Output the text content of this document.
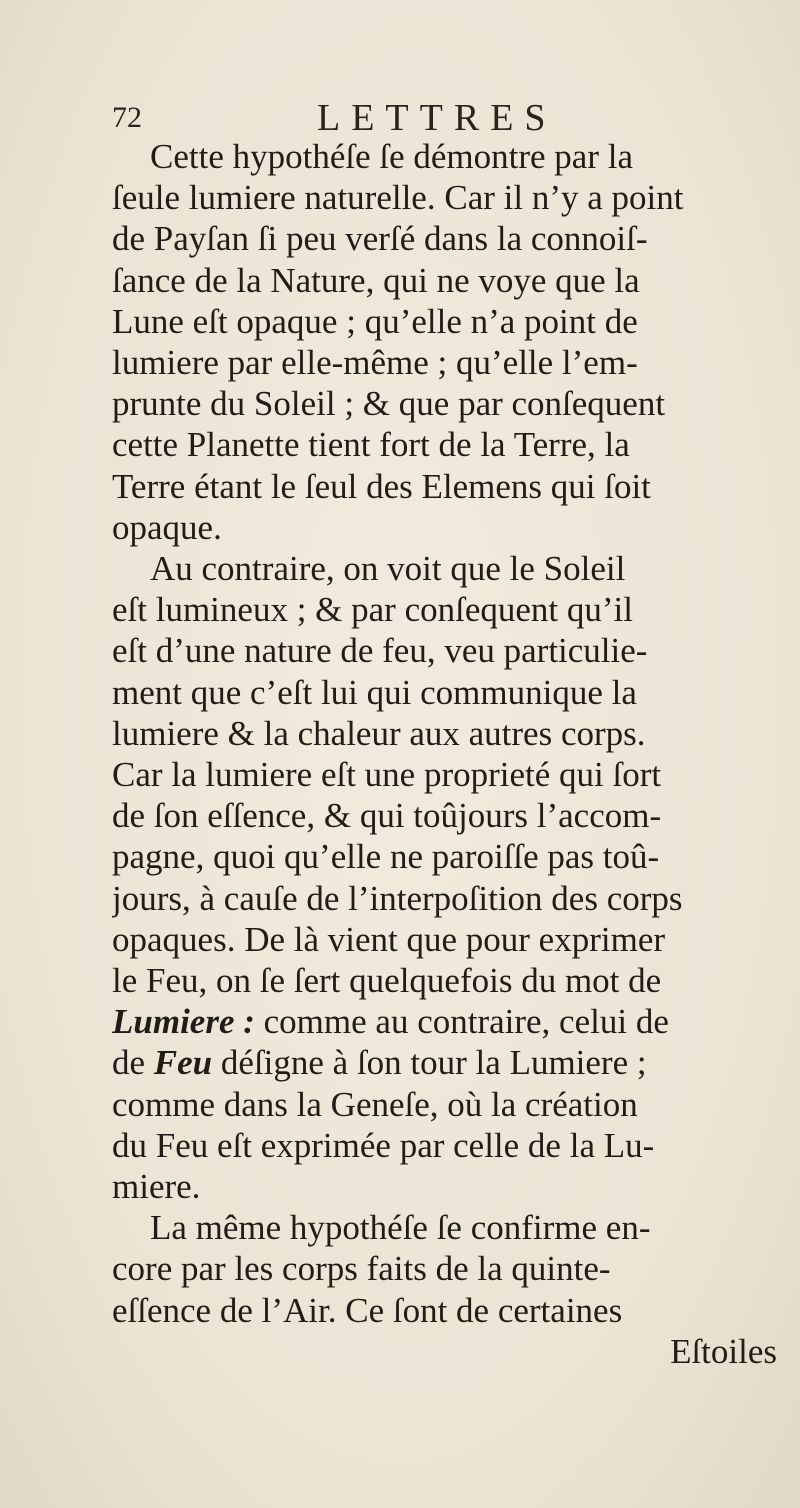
72	LETTRES

Cette hypothéſe ſe démontre par la
ſeule lumiere naturelle. Car il n’y a point
de Payſan ſi peu verſé dans la connoiſ-
ſance de la Nature, qui ne voye que la
Lune eſt opaque ; qu’elle n’a point de
lumiere par elle-même ; qu’elle l’em-
prunte du Soleil ; & que par conſequent
cette Planette tient fort de la Terre, la
Terre étant le ſeul des Elemens qui ſoit
opaque.

Au contraire, on voit que le Soleil
eſt lumineux ; & par conſequent qu’il
eſt d’une nature de feu, veu particulie-
ment que c’eſt lui qui communique la
lumiere & la chaleur aux autres corps.
Car la lumiere eſt une proprieté qui ſort
de ſon eſſence, & qui toûjours l’accom-
pagne, quoi qu’elle ne paroiſſe pas toû-
jours, à cauſe de l’interpoſition des corps
opaques. De là vient que pour exprimer
le Feu, on ſe ſert quelquefois du mot de
Lumiere : comme au contraire, celui de
de Feu déſigne à ſon tour la Lumiere ;
comme dans la Geneſe, où la création
du Feu eſt exprimée par celle de la Lu-
miere.

La même hypothéſe ſe confirme en-
core par les corps faits de la quinte-
eſſence de l’Air. Ce ſont de certaines

Eſtoiles
